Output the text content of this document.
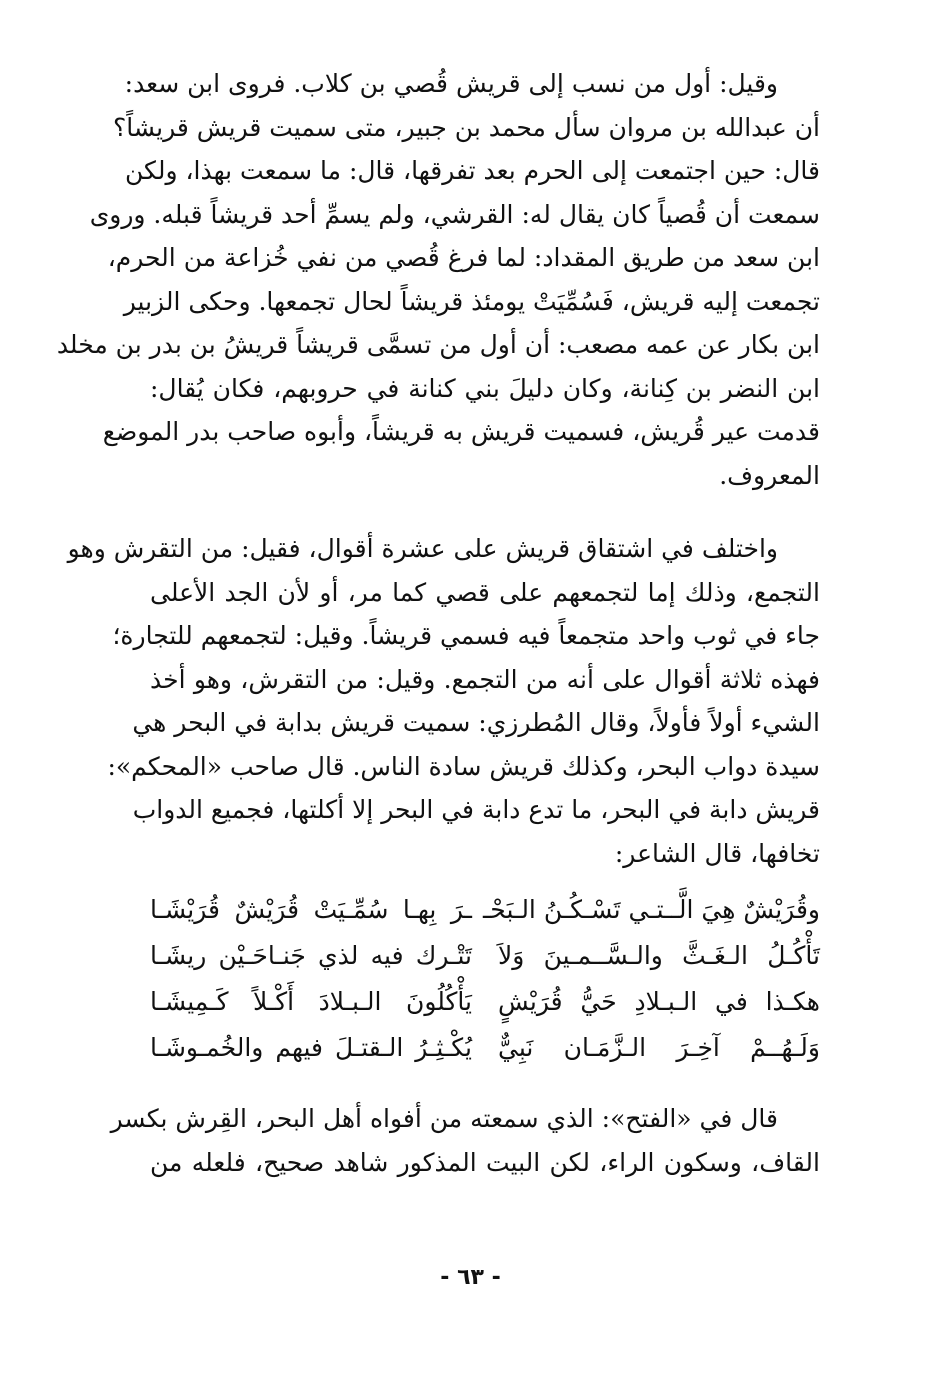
وقيل: أول من نسب إلى قريش قُصي بن كلاب. فروى ابن سعد:
أن عبدالله بن مروان سأل محمد بن جبير، متى سميت قريش قريشاً؟
قال: حين اجتمعت إلى الحرم بعد تفرقها، قال: ما سمعت بهذا، ولكن
سمعت أن قُصياً كان يقال له: القرشي، ولم يسمِّ أحد قريشاً قبله. وروى
ابن سعد من طريق المقداد: لما فرغ قُصي من نفي خُزاعة من الحرم،
تجمعت إليه قريش، فَسُمِّيَتْ يومئذ قريشاً لحال تجمعها. وحكى الزبير
ابن بكار عن عمه مصعب: أن أول من تسمَّى قريشاً قريشُ بن بدر بن مخلد
ابن النضر بن كِنانة، وكان دليلَ بني كنانة في حروبهم، فكان يُقال:
قدمت عير قُريش، فسميت قريش به قريشاً، وأبوه صاحب بدر الموضع
المعروف.
واختلف في اشتقاق قريش على عشرة أقوال، فقيل: من التقرش وهو
التجمع، وذلك إما لتجمعهم على قصي كما مر، أو لأن الجد الأعلى
جاء في ثوب واحد متجمعاً فيه فسمي قريشاً. وقيل: لتجمعهم للتجارة؛
فهذه ثلاثة أقوال على أنه من التجمع. وقيل: من التقرش، وهو أخذ
الشيء أولاً فأولاً، وقال المُطرزي: سميت قريش بدابة في البحر هي
سيدة دواب البحر، وكذلك قريش سادة الناس. قال صاحب «المحكم»:
قريش دابة في البحر، ما تدع دابة في البحر إلا أكلتها، فجميع الدواب
تخافها، قال الشاعر:
وقُرَيْشٌ هِيَ الَّــتـي تَسْـكُـنُ الـبَحْـ
ـرَ بِهـا سُمِّـيَتْ قُرَيْشٌ قُرَيْشَـا
تَأْكُـلُ الـغَـثَّ والـسَّــمـينَ وَلاَ
تَتْـرك فيه لذي جَنـاحَـيْن ريشَـا
هكـذا في الـبـلادِ حَيُّ قُرَيْشٍ
يَأْكُلُونَ الـبـلادَ أَكْـلاً كَـمِيشَـا
وَلَـهُــمْ آخِـرَ الـزَّمَـان نَبِيٌّ
يُكْـثِـرُ الـقتـلَ فيهم والخُمـوشَـا
قال في «الفتح»: الذي سمعته من أفواه أهل البحر، القِرش بكسر
القاف، وسكون الراء، لكن البيت المذكور شاهد صحيح، فلعله من
- ٦٣ -
